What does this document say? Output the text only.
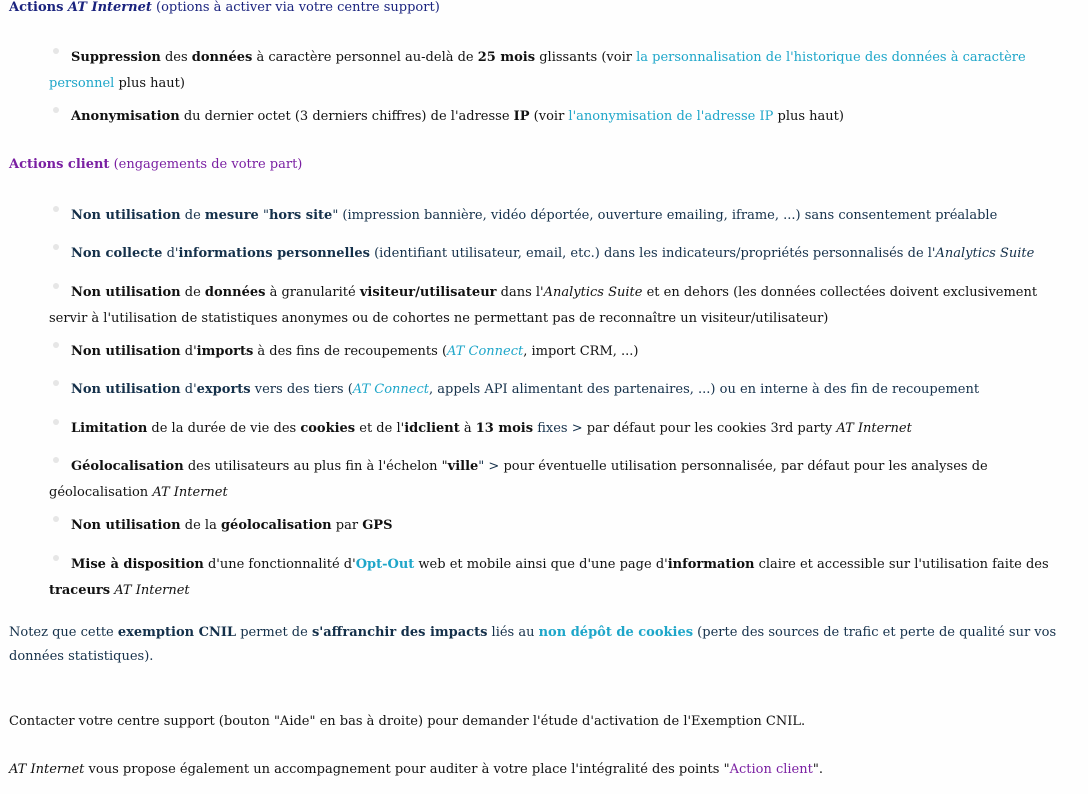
Actions AT Internet (options à activer via votre centre support)
Suppression des données à caractère personnel au-delà de 25 mois glissants (voir la personnalisation de l'historique des données à caractère personnel plus haut)
Anonymisation du dernier octet (3 derniers chiffres) de l'adresse IP (voir l'anonymisation de l'adresse IP plus haut)
Actions client (engagements de votre part)
Non utilisation de mesure "hors site" (impression bannière, vidéo déportée, ouverture emailing, iframe, ...) sans consentement préalable
Non collecte d'informations personnelles (identifiant utilisateur, email, etc.) dans les indicateurs/propriétés personnalisés de l'Analytics Suite
Non utilisation de données à granularité visiteur/utilisateur dans l'Analytics Suite et en dehors (les données collectées doivent exclusivement servir à l'utilisation de statistiques anonymes ou de cohortes ne permettant pas de reconnaître un visiteur/utilisateur)
Non utilisation d'imports à des fins de recoupements (AT Connect, import CRM, ...)
Non utilisation d'exports vers des tiers (AT Connect, appels API alimentant des partenaires, ...) ou en interne à des fin de recoupement
Limitation de la durée de vie des cookies et de l'idclient à 13 mois fixes > par défaut pour les cookies 3rd party AT Internet
Géolocalisation des utilisateurs au plus fin à l'échelon "ville" > pour éventuelle utilisation personnalisée, par défaut pour les analyses de géolocalisation AT Internet
Non utilisation de la géolocalisation par GPS
Mise à disposition d'une fonctionnalité d'Opt-Out web et mobile ainsi que d'une page d'information claire et accessible sur l'utilisation faite des traceurs AT Internet

Notez que cette exemption CNIL permet de s'affranchir des impacts liés au non dépôt de cookies (perte des sources de trafic et perte de qualité sur vos données statistiques).

Contacter votre centre support (bouton "Aide" en bas à droite) pour demander l'étude d'activation de l'Exemption CNIL.

AT Internet vous propose également un accompagnement pour auditer à votre place l'intégralité des points "Action client".
